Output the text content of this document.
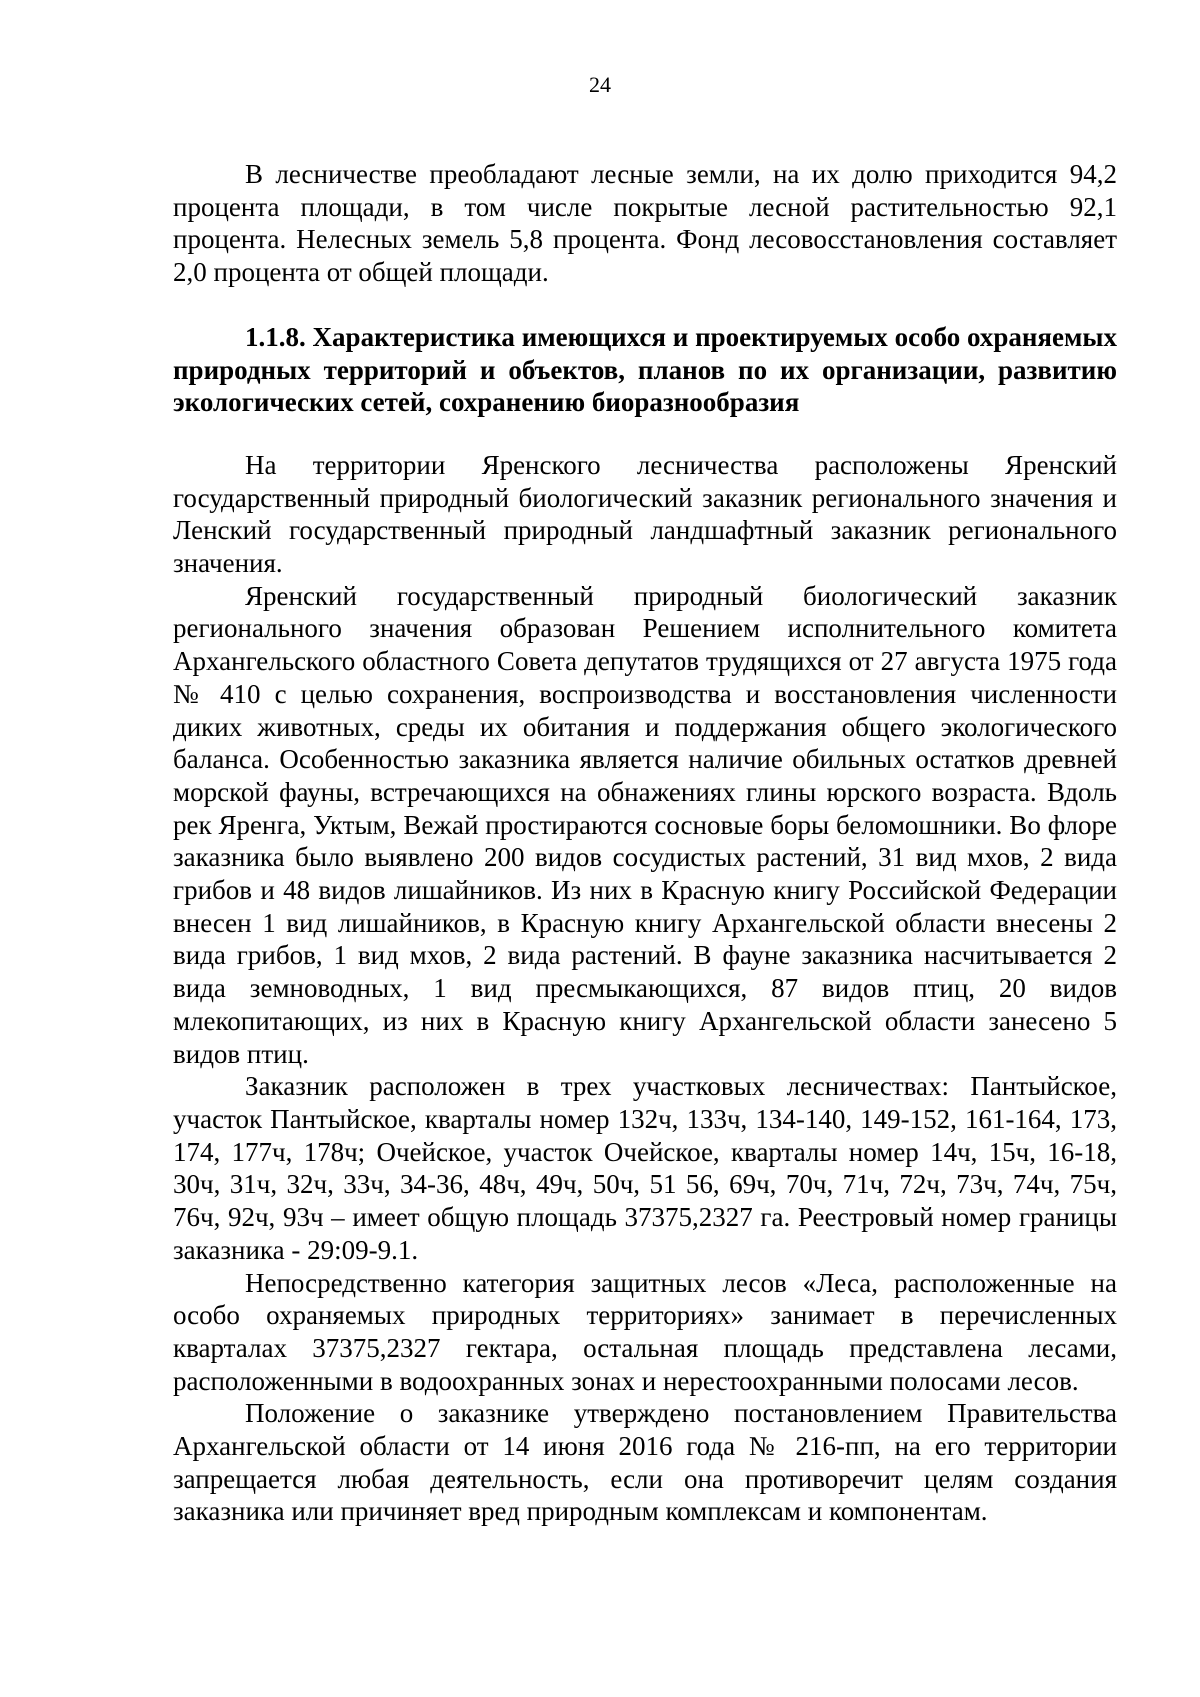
24

В лесничестве преобладают лесные земли, на их долю приходится 94,2 процента площади, в том числе покрытые лесной растительностью 92,1 процента. Нелесных земель 5,8 процента. Фонд лесовосстановления составляет 2,0 процента от общей площади.

1.1.8. Характеристика имеющихся и проектируемых особо охраняемых природных территорий и объектов, планов по их организации, развитию экологических сетей, сохранению биоразнообразия

На территории Яренского лесничества расположены Яренский государственный природный биологический заказник регионального значения и Ленский государственный природный ландшафтный заказник регионального значения.

Яренский государственный природный биологический заказник регионального значения образован Решением исполнительного комитета Архангельского областного Совета депутатов трудящихся от 27 августа 1975 года № 410 с целью сохранения, воспроизводства и восстановления численности диких животных, среды их обитания и поддержания общего экологического баланса. Особенностью заказника является наличие обильных остатков древней морской фауны, встречающихся на обнажениях глины юрского возраста. Вдоль рек Яренга, Уктым, Вежай простираются сосновые боры беломошники. Во флоре заказника было выявлено 200 видов сосудистых растений, 31 вид мхов, 2 вида грибов и 48 видов лишайников. Из них в Красную книгу Российской Федерации внесен 1 вид лишайников, в Красную книгу Архангельской области внесены 2 вида грибов, 1 вид мхов, 2 вида растений. В фауне заказника насчитывается 2 вида земноводных, 1 вид пресмыкающихся, 87 видов птиц, 20 видов млекопитающих, из них в Красную книгу Архангельской области занесено 5 видов птиц.

Заказник расположен в трех участковых лесничествах: Пантыйское, участок Пантыйское, кварталы номер 132ч, 133ч, 134-140, 149-152, 161-164, 173, 174, 177ч, 178ч; Очейское, участок Очейское, кварталы номер 14ч, 15ч, 16-18, 30ч, 31ч, 32ч, 33ч, 34-36, 48ч, 49ч, 50ч, 51 56, 69ч, 70ч, 71ч, 72ч, 73ч, 74ч, 75ч, 76ч, 92ч, 93ч – имеет общую площадь 37375,2327 га. Реестровый номер границы заказника - 29:09-9.1.

Непосредственно категория защитных лесов «Леса, расположенные на особо охраняемых природных территориях» занимает в перечисленных кварталах 37375,2327 гектара, остальная площадь представлена лесами, расположенными в водоохранных зонах и нерестоохранными полосами лесов.

Положение о заказнике утверждено постановлением Правительства Архангельской области от 14 июня 2016 года № 216-пп, на его территории запрещается любая деятельность, если она противоречит целям создания заказника или причиняет вред природным комплексам и компонентам.
